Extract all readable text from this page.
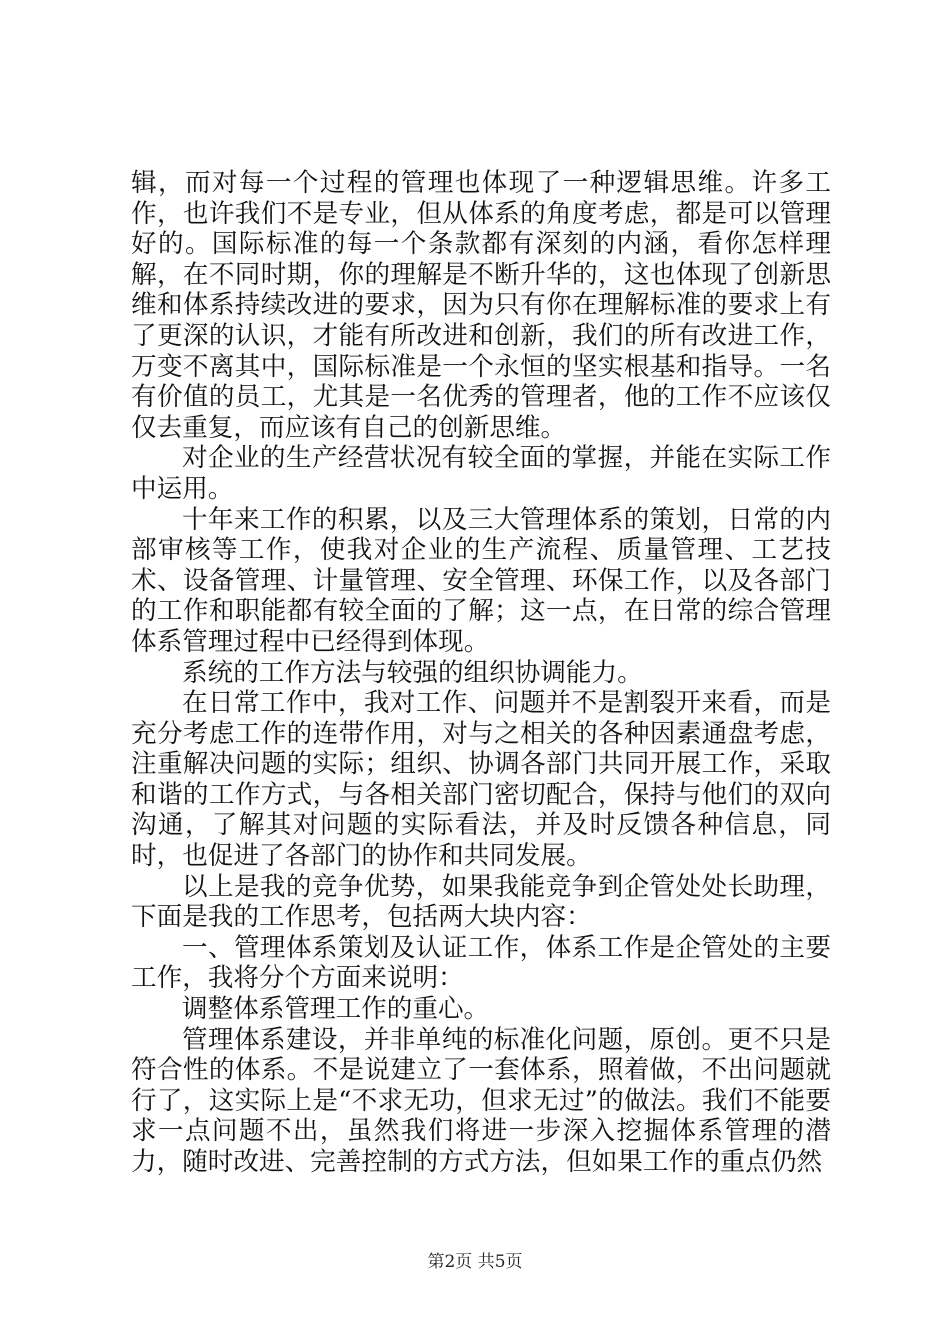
辑，而对每一个过程的管理也体现了一种逻辑思维。许多工作，也许我们不是专业，但从体系的角度考虑，都是可以管理好的。国际标准的每一个条款都有深刻的内涵，看你怎样理解，在不同时期，你的理解是不断升华的，这也体现了创新思维和体系持续改进的要求，因为只有你在理解标准的要求上有了更深的认识，才能有所改进和创新，我们的所有改进工作，万变不离其中，国际标准是一个永恒的坚实根基和指导。一名有价值的员工，尤其是一名优秀的管理者，他的工作不应该仅仅去重复，而应该有自己的创新思维。

对企业的生产经营状况有较全面的掌握，并能在实际工作中运用。

十年来工作的积累，以及三大管理体系的策划，日常的内部审核等工作，使我对企业的生产流程、质量管理、工艺技术、设备管理、计量管理、安全管理、环保工作，以及各部门的工作和职能都有较全面的了解；这一点，在日常的综合管理体系管理过程中已经得到体现。

系统的工作方法与较强的组织协调能力。

在日常工作中，我对工作、问题并不是割裂开来看，而是充分考虑工作的连带作用，对与之相关的各种因素通盘考虑，注重解决问题的实际；组织、协调各部门共同开展工作，采取和谐的工作方式，与各相关部门密切配合，保持与他们的双向沟通，了解其对问题的实际看法，并及时反馈各种信息，同时，也促进了各部门的协作和共同发展。

以上是我的竞争优势，如果我能竞争到企管处处长助理，下面是我的工作思考，包括两大块内容：

一、管理体系策划及认证工作，体系工作是企管处的主要工作，我将分个方面来说明：

调整体系管理工作的重心。

管理体系建设，并非单纯的标准化问题，原创。更不只是符合性的体系。不是说建立了一套体系，照着做，不出问题就行了，这实际上是“不求无功，但求无过”的做法。我们不能要求一点问题不出，虽然我们将进一步深入挖掘体系管理的潜力，随时改进、完善控制的方式方法，但如果工作的重点仍然

第2页 共5页
